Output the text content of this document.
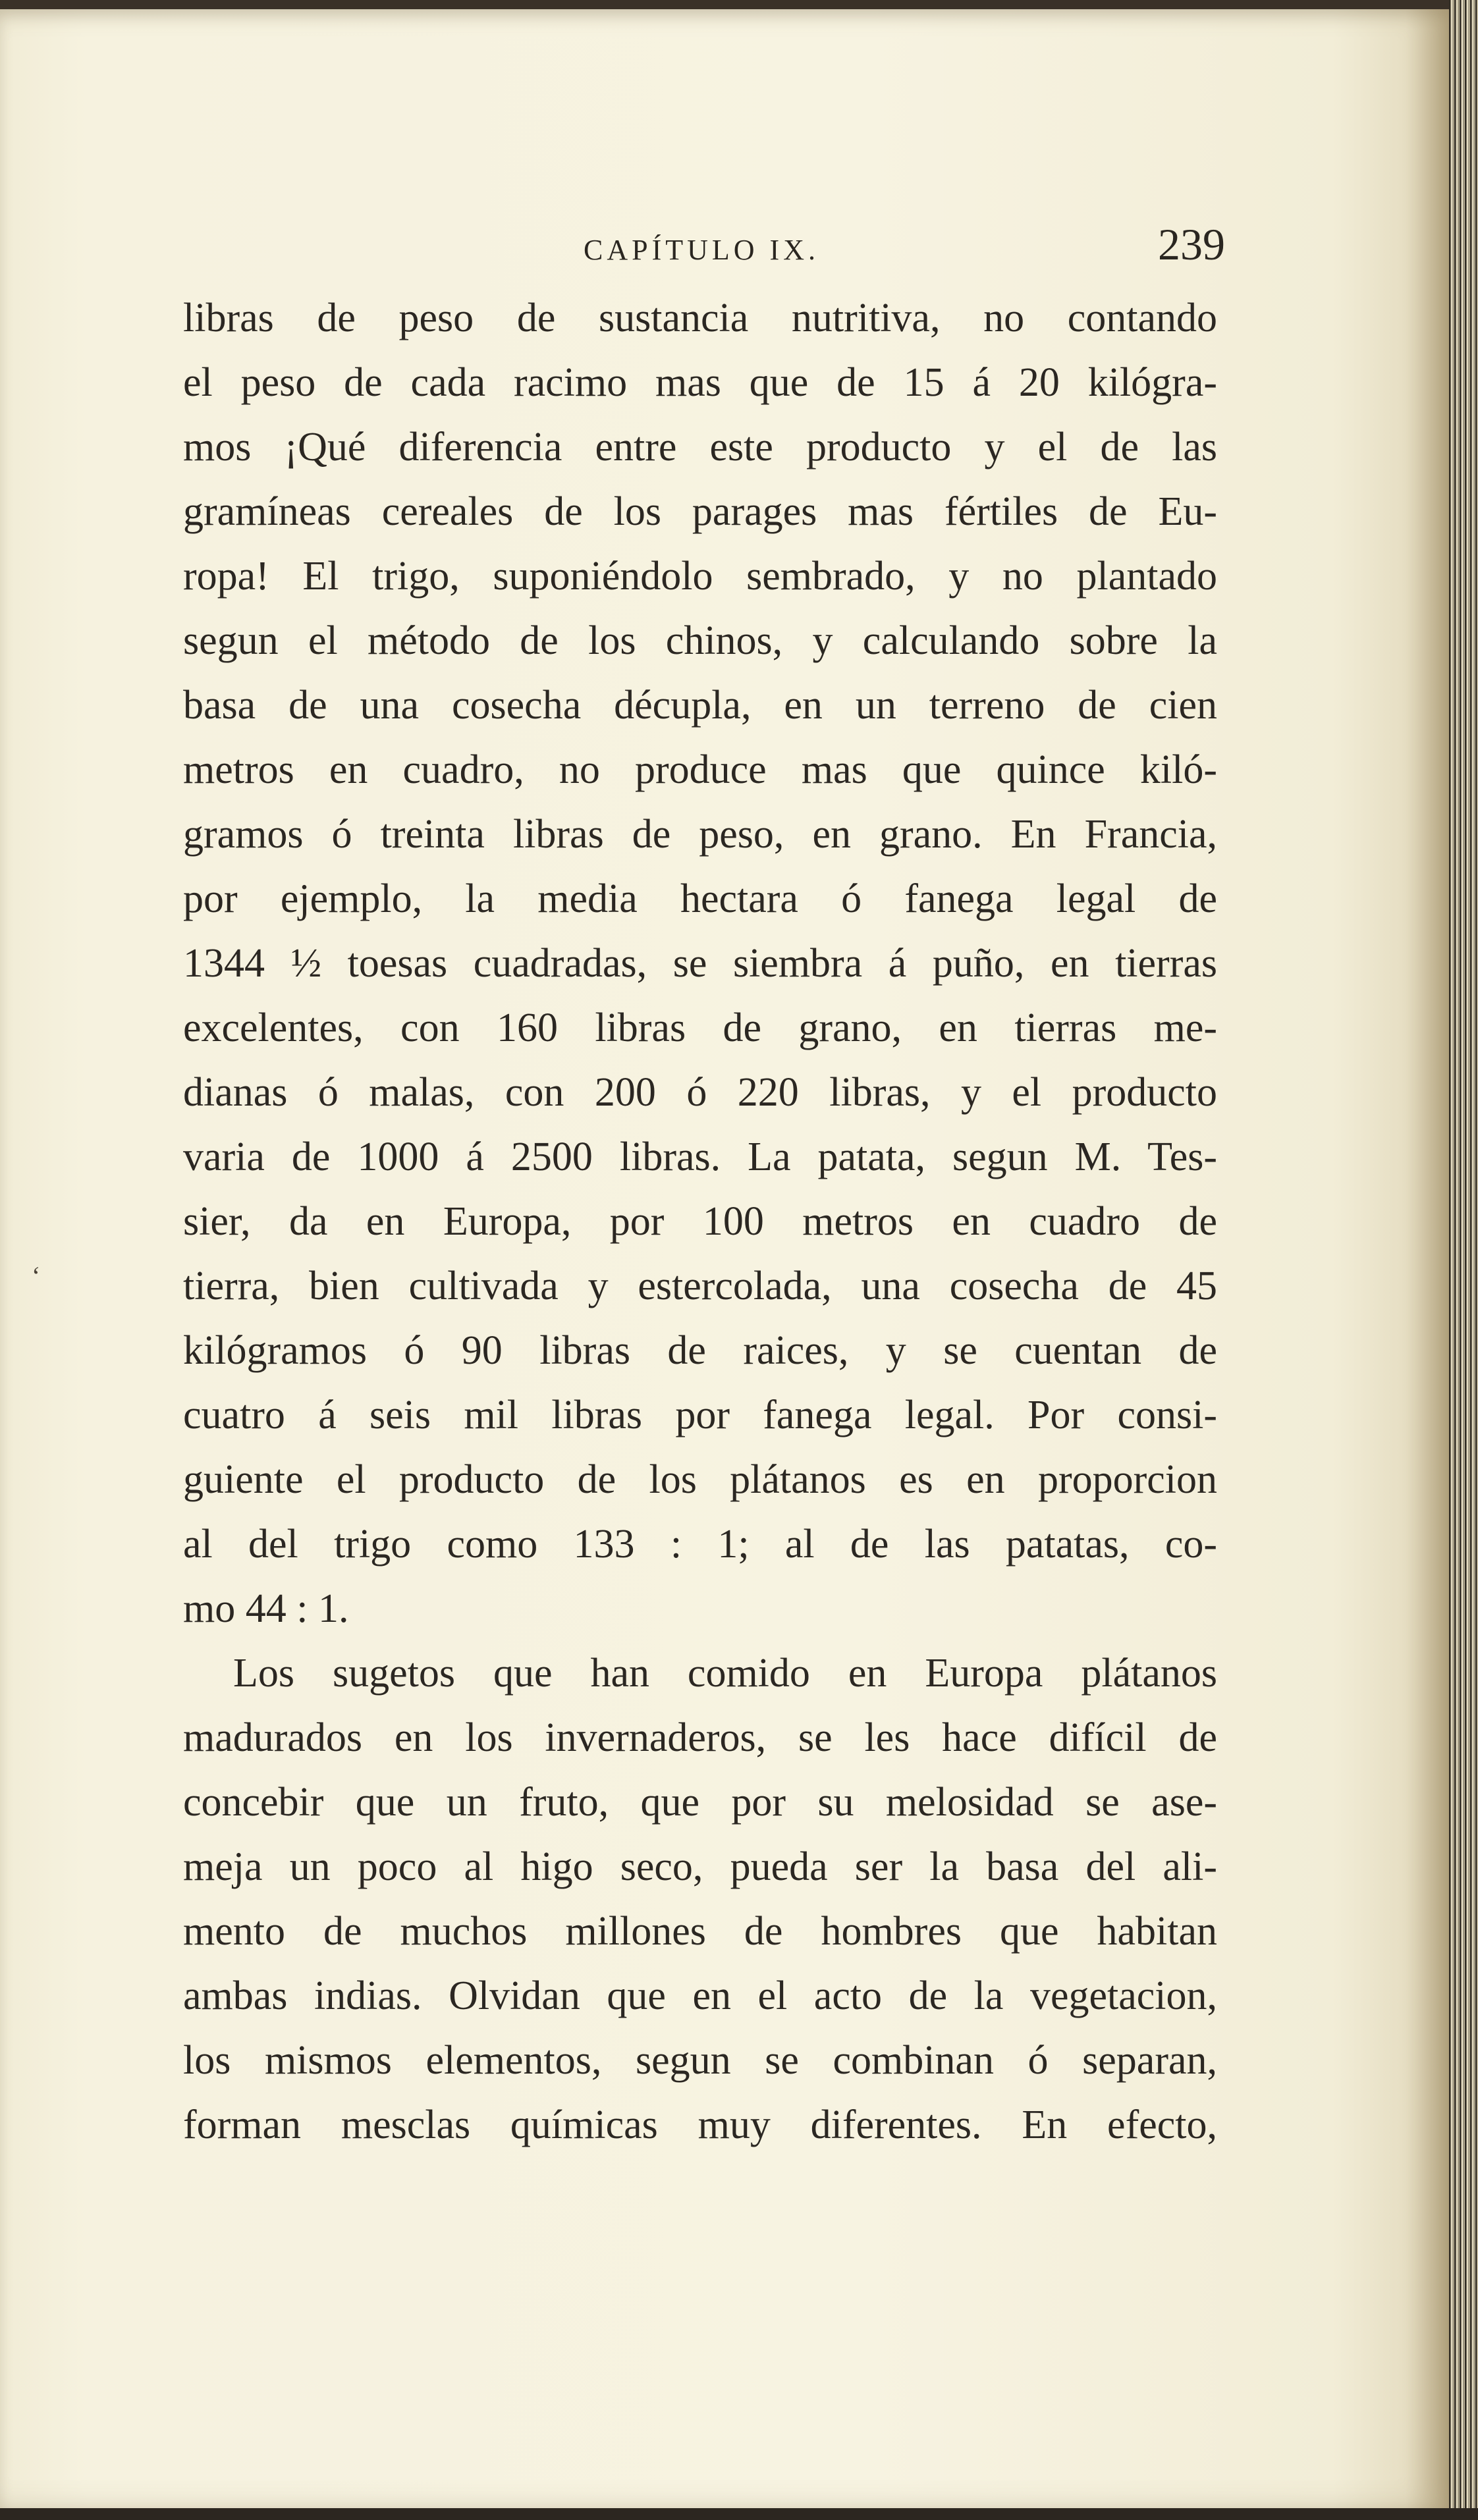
CAPÍTULO IX.	239
libras de peso de sustancia nutritiva, no contando
el peso de cada racimo mas que de 15 á 20 kilógra-
mos ¡Qué diferencia entre este producto y el de las
gramíneas cereales de los parages mas fértiles de Eu-
ropa! El trigo, suponiéndolo sembrado, y no plantado
segun el método de los chinos, y calculando sobre la
basa de una cosecha décupla, en un terreno de cien
metros en cuadro, no produce mas que quince kiló-
gramos ó treinta libras de peso, en grano. En Francia,
por ejemplo, la media hectara ó fanega legal de
1344 ½ toesas cuadradas, se siembra á puño, en tierras
excelentes, con 160 libras de grano, en tierras me-
dianas ó malas, con 200 ó 220 libras, y el producto
varia de 1000 á 2500 libras. La patata, segun M. Tes-
sier, da en Europa, por 100 metros en cuadro de
tierra, bien cultivada y estercolada, una cosecha de 45
kilógramos ó 90 libras de raices, y se cuentan de
cuatro á seis mil libras por fanega legal. Por consi-
guiente el producto de los plátanos es en proporcion
al del trigo como 133 : 1; al de las patatas, co-
mo 44 : 1.
Los sugetos que han comido en Europa plátanos
madurados en los invernaderos, se les hace difícil de
concebir que un fruto, que por su melosidad se ase-
meja un poco al higo seco, pueda ser la basa del ali-
mento de muchos millones de hombres que habitan
ambas indias. Olvidan que en el acto de la vegetacion,
los mismos elementos, segun se combinan ó separan,
forman mesclas químicas muy diferentes. En efecto,
ʻ
